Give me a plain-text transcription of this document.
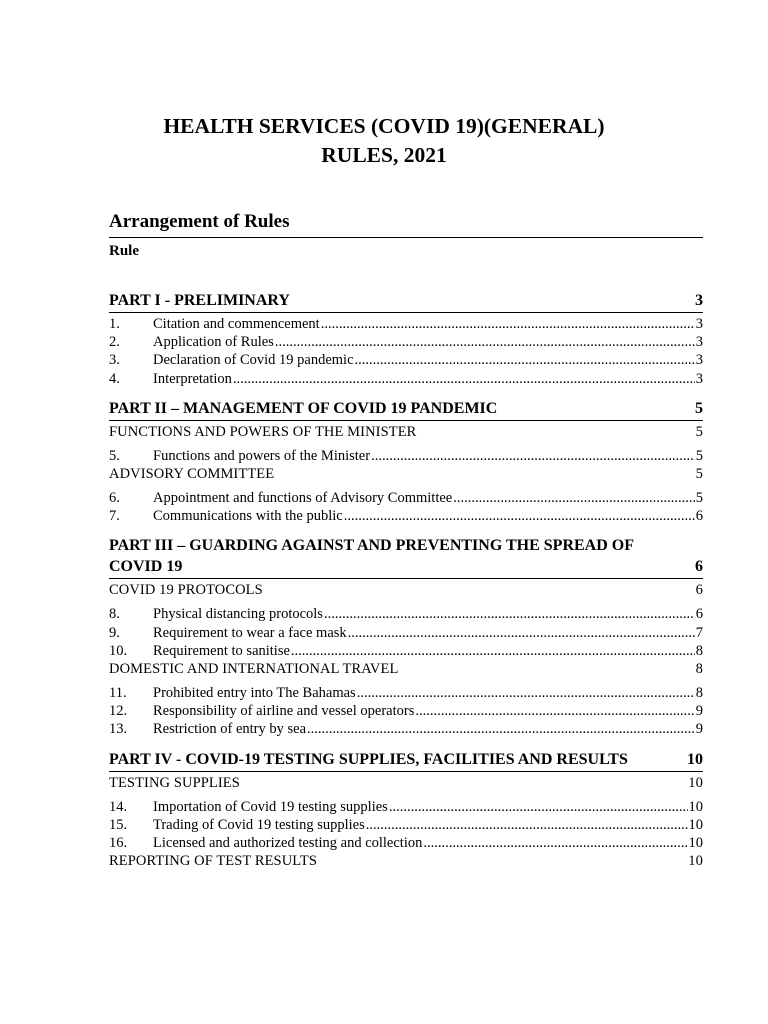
HEALTH SERVICES (COVID 19)(GENERAL)
RULES, 2021
Arrangement of Rules
Rule
PART I - PRELIMINARY	3
1.	Citation and commencement .....	3
2.	Application of Rules .....	3
3.	Declaration of Covid 19 pandemic .....	3
4.	Interpretation .....	3
PART II – MANAGEMENT OF COVID 19 PANDEMIC	5
FUNCTIONS AND POWERS OF THE MINISTER	5
5.	Functions and powers of the Minister .....	5
ADVISORY COMMITTEE	5
6.	Appointment and functions of Advisory Committee .....	5
7.	Communications with the public .....	6
PART III – GUARDING AGAINST AND PREVENTING THE SPREAD OF COVID 19	6
COVID 19 PROTOCOLS	6
8.	Physical distancing protocols .....	6
9.	Requirement to wear a face mask .....	7
10.	Requirement to sanitise .....	8
DOMESTIC AND INTERNATIONAL TRAVEL	8
11.	Prohibited entry into The Bahamas .....	8
12.	Responsibility of airline and vessel operators .....	9
13.	Restriction of entry by sea .....	9
PART IV - COVID-19 TESTING SUPPLIES, FACILITIES AND RESULTS	10
TESTING SUPPLIES	10
14.	Importation of Covid 19 testing supplies .....	10
15.	Trading of Covid 19 testing supplies .....	10
16.	Licensed and authorized testing and collection .....	10
REPORTING OF TEST RESULTS	10
